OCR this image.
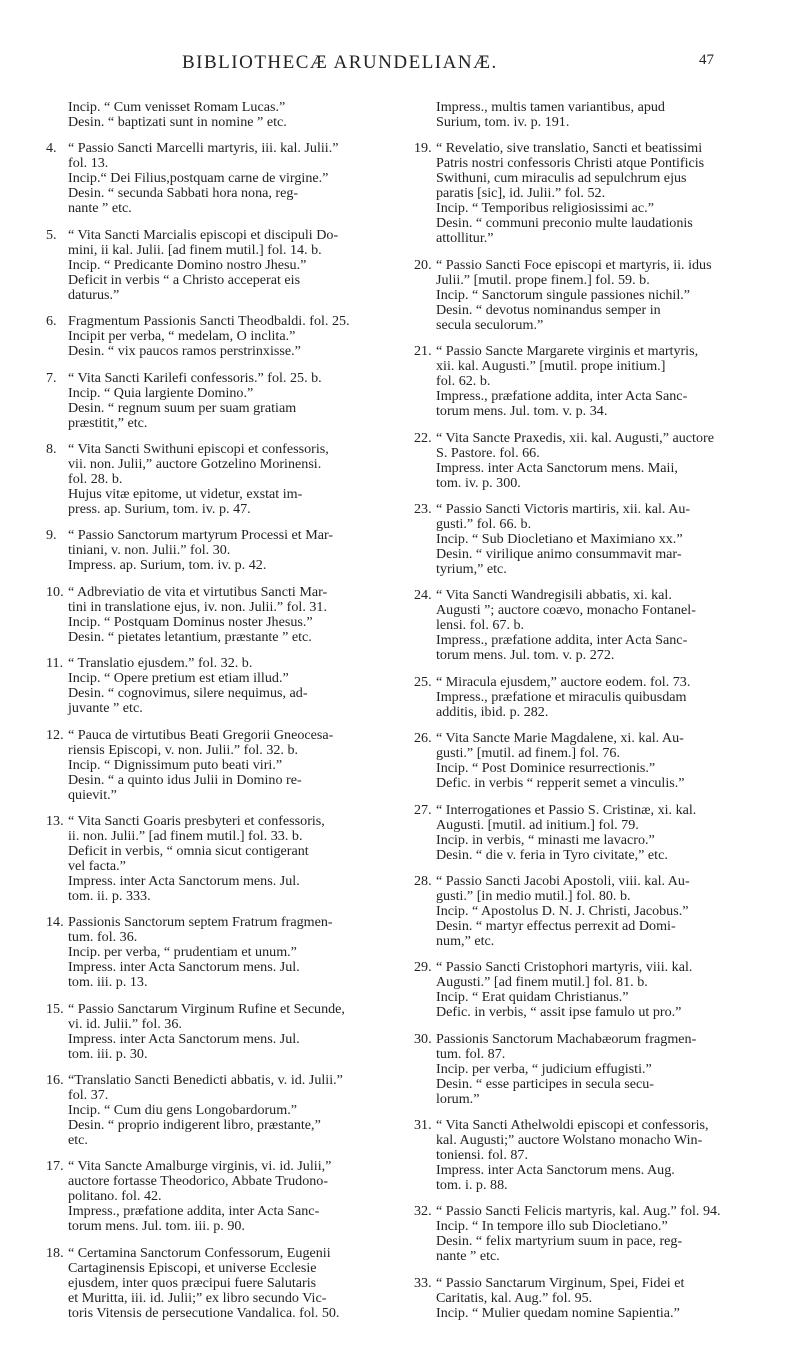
BIBLIOTHECÆ ARUNDELIANÆ.	47
Incip. “ Cum venisset Romam Lucas.”
Desin. “ baptizati sunt in nomine ” etc.
4. “ Passio Sancti Marcelli martyris, iii. kal. Julii.”
fol. 13.
Incip.“ Dei Filius,postquam carne de virgine.”
Desin. “ secunda Sabbati hora nona, reg-
nante ” etc.
5. “ Vita Sancti Marcialis episcopi et discipuli Do-
mini, ii kal. Julii. [ad finem mutil.] fol. 14. b.
Incip. “ Predicante Domino nostro Jhesu.”
Deficit in verbis “ a Christo acceperat eis
daturus.”
6. Fragmentum Passionis Sancti Theodbaldi. fol. 25.
Incipit per verba, “ medelam, O inclita.”
Desin. “ vix paucos ramos perstrinxisse.”
7. “ Vita Sancti Karilefi confessoris.” fol. 25. b.
Incip. “ Quia largiente Domino.”
Desin. “ regnum suum per suam gratiam
præstitit,” etc.
8. “ Vita Sancti Swithuni episcopi et confessoris,
vii. non. Julii,” auctore Gotzelino Morinensi.
fol. 28. b.
Hujus vitæ epitome, ut videtur, exstat im-
press. ap. Surium, tom. iv. p. 47.
9. “ Passio Sanctorum martyrum Processi et Mar-
tiniani, v. non. Julii.” fol. 30.
Impress. ap. Surium, tom. iv. p. 42.
10. “ Adbreviatio de vita et virtutibus Sancti Mar-
tini in translatione ejus, iv. non. Julii.” fol. 31.
Incip. “ Postquam Dominus noster Jhesus.”
Desin. “ pietates letantium, præstante ” etc.
11. “ Translatio ejusdem.” fol. 32. b.
Incip. “ Opere pretium est etiam illud.”
Desin. “ cognovimus, silere nequimus, ad-
juvante ” etc.
12. “ Pauca de virtutibus Beati Gregorii Gneocesa-
riensis Episcopi, v. non. Julii.” fol. 32. b.
Incip. “ Dignissimum puto beati viri.”
Desin. “ a quinto idus Julii in Domino re-
quievit.”
13. “ Vita Sancti Goaris presbyteri et confessoris,
ii. non. Julii.” [ad finem mutil.] fol. 33. b.
Deficit in verbis, “ omnia sicut contigerant
vel facta.”
Impress. inter Acta Sanctorum mens. Jul.
tom. ii. p. 333.
14. Passionis Sanctorum septem Fratrum fragmen-
tum. fol. 36.
Incip. per verba, “ prudentiam et unum.”
Impress. inter Acta Sanctorum mens. Jul.
tom. iii. p. 13.
15. “ Passio Sanctarum Virginum Rufine et Secunde,
vi. id. Julii.” fol. 36.
Impress. inter Acta Sanctorum mens. Jul.
tom. iii. p. 30.
16. “Translatio Sancti Benedicti abbatis, v. id. Julii.”
fol. 37.
Incip. “ Cum diu gens Longobardorum.”
Desin. “ proprio indigerent libro, præstante,”
etc.
17. “ Vita Sancte Amalburge virginis, vi. id. Julii,”
auctore fortasse Theodorico, Abbate Trudono-
politano. fol. 42.
Impress., præfatione addita, inter Acta Sanc-
torum mens. Jul. tom. iii. p. 90.
18. “ Certamina Sanctorum Confessorum, Eugenii
Cartaginensis Episcopi, et universe Ecclesie
ejusdem, inter quos præcipui fuere Salutaris
et Muritta, iii. id. Julii;” ex libro secundo Vic-
toris Vitensis de persecutione Vandalica. fol. 50.
Impress., multis tamen variantibus, apud
Surium, tom. iv. p. 191.
19. “ Revelatio, sive translatio, Sancti et beatissimi
Patris nostri confessoris Christi atque Pontificis
Swithuni, cum miraculis ad sepulchrum ejus
paratis [sic], id. Julii.” fol. 52.
Incip. “ Temporibus religiosissimi ac.”
Desin. “ communi preconio multe laudationis
attollitur.”
20. “ Passio Sancti Foce episcopi et martyris, ii. idus
Julii.” [mutil. prope finem.] fol. 59. b.
Incip. “ Sanctorum singule passiones nichil.”
Desin. “ devotus nominandus semper in
secula seculorum.”
21. “ Passio Sancte Margarete virginis et martyris,
xii. kal. Augusti.” [mutil. prope initium.]
fol. 62. b.
Impress., præfatione addita, inter Acta Sanc-
torum mens. Jul. tom. v. p. 34.
22. “ Vita Sancte Praxedis, xii. kal. Augusti,” auctore
S. Pastore. fol. 66.
Impress. inter Acta Sanctorum mens. Maii,
tom. iv. p. 300.
23. “ Passio Sancti Victoris martiris, xii. kal. Au-
gusti.” fol. 66. b.
Incip. “ Sub Diocletiano et Maximiano xx.”
Desin. “ virilique animo consummavit mar-
tyrium,” etc.
24. “ Vita Sancti Wandregisili abbatis, xi. kal.
Augusti ”; auctore coævo, monacho Fontanel-
lensi. fol. 67. b.
Impress., præfatione addita, inter Acta Sanc-
torum mens. Jul. tom. v. p. 272.
25. “ Miracula ejusdem,” auctore eodem. fol. 73.
Impress., præfatione et miraculis quibusdam
additis, ibid. p. 282.
26. “ Vita Sancte Marie Magdalene, xi. kal. Au-
gusti.” [mutil. ad finem.] fol. 76.
Incip. “ Post Dominice resurrectionis.”
Defic. in verbis “ repperit semet a vinculis.”
27. “ Interrogationes et Passio S. Cristinæ, xi. kal.
Augusti. [mutil. ad initium.] fol. 79.
Incip. in verbis, “ minasti me lavacro.”
Desin. “ die v. feria in Tyro civitate,” etc.
28. “ Passio Sancti Jacobi Apostoli, viii. kal. Au-
gusti.” [in medio mutil.] fol. 80. b.
Incip. “ Apostolus D. N. J. Christi, Jacobus.”
Desin. “ martyr effectus perrexit ad Domi-
num,” etc.
29. “ Passio Sancti Cristophori martyris, viii. kal.
Augusti.” [ad finem mutil.] fol. 81. b.
Incip. “ Erat quidam Christianus.”
Defic. in verbis, “ assit ipse famulo ut pro.”
30. Passionis Sanctorum Machabæorum fragmen-
tum. fol. 87.
Incip. per verba, “ judicium effugisti.”
Desin. “ esse participes in secula secu-
lorum.”
31. “ Vita Sancti Athelwoldi episcopi et confessoris,
kal. Augusti;” auctore Wolstano monacho Win-
toniensi. fol. 87.
Impress. inter Acta Sanctorum mens. Aug.
tom. i. p. 88.
32. “ Passio Sancti Felicis martyris, kal. Aug.” fol. 94.
Incip. “ In tempore illo sub Diocletiano.”
Desin. “ felix martyrium suum in pace, reg-
nante ” etc.
33. “ Passio Sanctarum Virginum, Spei, Fidei et
Caritatis, kal. Aug.” fol. 95.
Incip. “ Mulier quedam nomine Sapientia.”
